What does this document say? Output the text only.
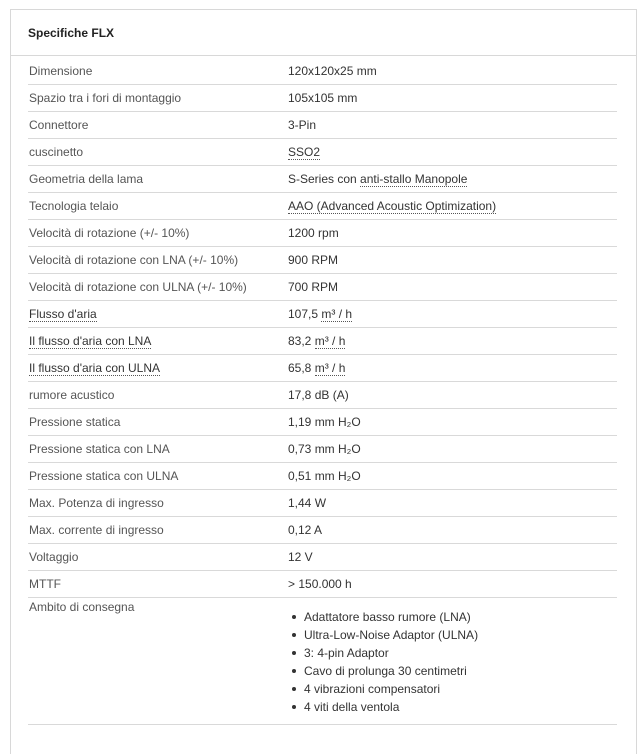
Specifiche FLX
Dimensione	120x120x25 mm
Spazio tra i fori di montaggio	105x105 mm
Connettore	3-Pin
cuscinetto	SSO2
Geometria della lama	S-Series con anti-stallo Manopole
Tecnologia telaio	AAO (Advanced Acoustic Optimization)
Velocità di rotazione (+/- 10%)	1200 rpm
Velocità di rotazione con LNA (+/- 10%)	900 RPM
Velocità di rotazione con ULNA (+/- 10%)	700 RPM
Flusso d'aria	107,5 m³ / h
Il flusso d'aria con LNA	83,2 m³ / h
Il flusso d'aria con ULNA	65,8 m³ / h
rumore acustico	17,8 dB (A)
Pressione statica	1,19 mm H₂O
Pressione statica con LNA	0,73 mm H₂O
Pressione statica con ULNA	0,51 mm H₂O
Max. Potenza di ingresso	1,44 W
Max. corrente di ingresso	0,12 A
Voltaggio	12 V
MTTF	> 150.000 h
Ambito di consegna
Adattatore basso rumore (LNA)
Ultra-Low-Noise Adaptor (ULNA)
3: 4-pin Adaptor
Cavo di prolunga 30 centimetri
4 vibrazioni compensatori
4 viti della ventola
